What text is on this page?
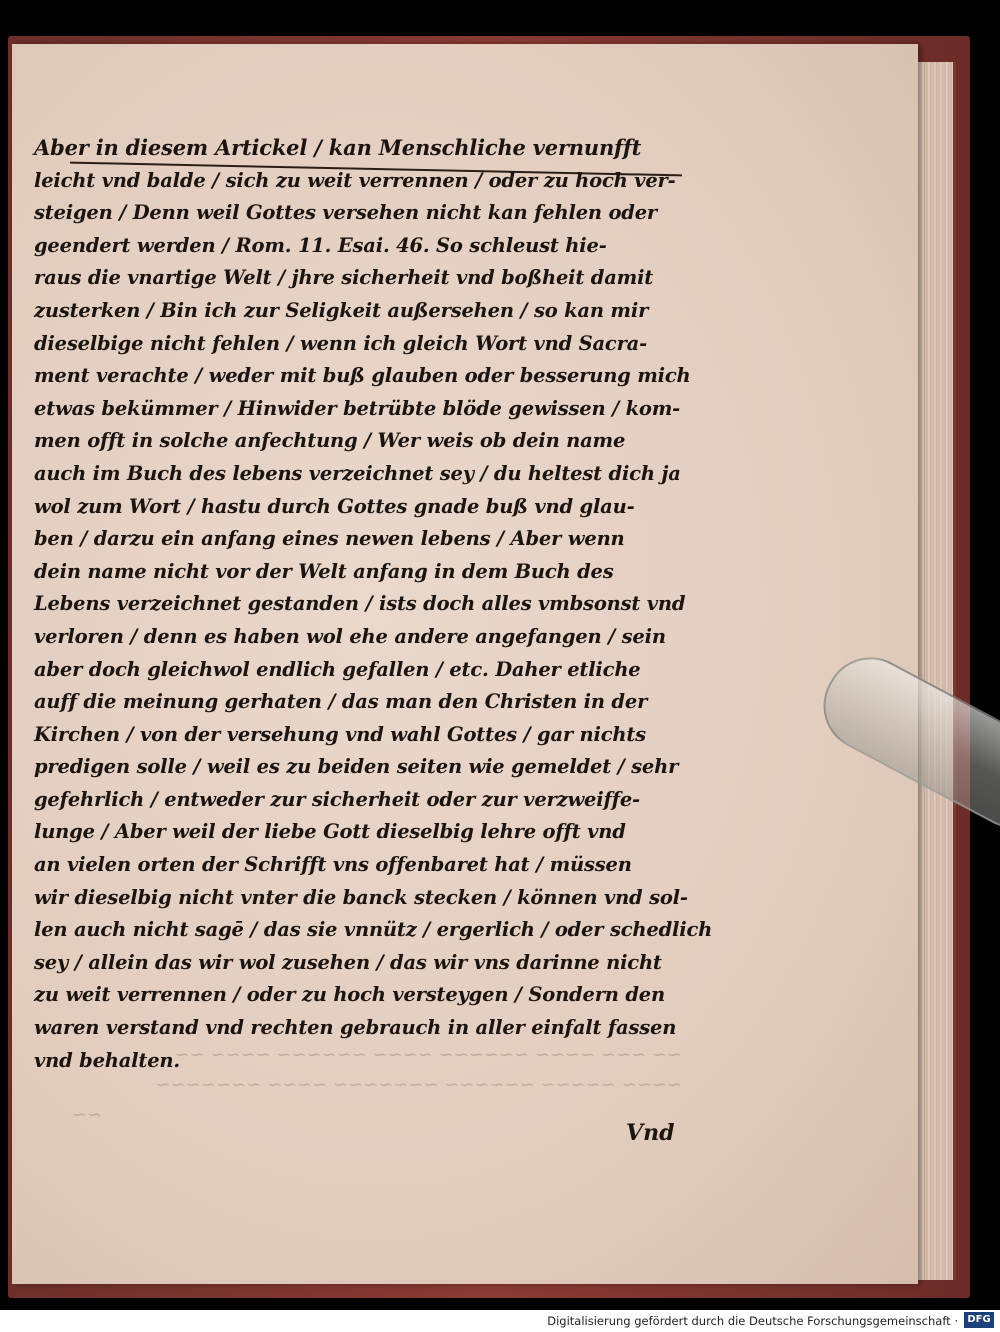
Aber in diesem Artickel / kan Menschliche vernunfft
leicht vnd balde / sich zu weit verrennen / oder zu hoch ver-
steigen / Denn weil Gottes versehen nicht kan fehlen oder
geendert werden / Rom. 11. Esai. 46. So schleust hie-
raus die vnartige Welt / jhre sicherheit vnd boßheit damit
zusterken / Bin ich zur Seligkeit außersehen / so kan mir
dieselbige nicht fehlen / wenn ich gleich Wort vnd Sacra-
ment verachte / weder mit buß glauben oder besserung mich
etwas bekümmer / Hinwider betrübte blöde gewissen / kom-
men offt in solche anfechtung / Wer weis ob dein name
auch im Buch des lebens verzeichnet sey / du heltest dich ja
wol zum Wort / hastu durch Gottes gnade buß vnd glau-
ben / darzu ein anfang eines newen lebens / Aber wenn
dein name nicht vor der Welt anfang in dem Buch des
Lebens verzeichnet gestanden / ists doch alles vmbsonst vnd
verloren / denn es haben wol ehe andere angefangen / sein
aber doch gleichwol endlich gefallen / etc. Daher etliche
auff die meinung gerhaten / das man den Christen in der
Kirchen / von der versehung vnd wahl Gottes / gar nichts
predigen solle / weil es zu beiden seiten wie gemeldet / sehr
gefehrlich / entweder zur sicherheit oder zur verzweiffe-
lunge / Aber weil der liebe Gott dieselbig lehre offt vnd
an vielen orten der Schrifft vns offenbaret hat / müssen
wir dieselbig nicht vnter die banck stecken / können vnd sol-
len auch nicht sagē / das sie vnnütz / ergerlich / oder schedlich
sey / allein das wir wol zusehen / das wir vns darinne nicht
zu weit verrennen / oder zu hoch versteygen / Sondern den
waren verstand vnd rechten gebrauch in aller einfalt fassen
vnd behalten.
~~ ~~~ ~~~~ ~~~~~~ ~~~~ ~~~~~~ ~~~~ ~~
~~~~ ~~~~~ ~~~~~~ ~~~~~~~ ~~~~ ~~~~~~~
~~
Vnd
Digitalisierung gefördert durch die Deutsche Forschungsgemeinschaft · DFG
